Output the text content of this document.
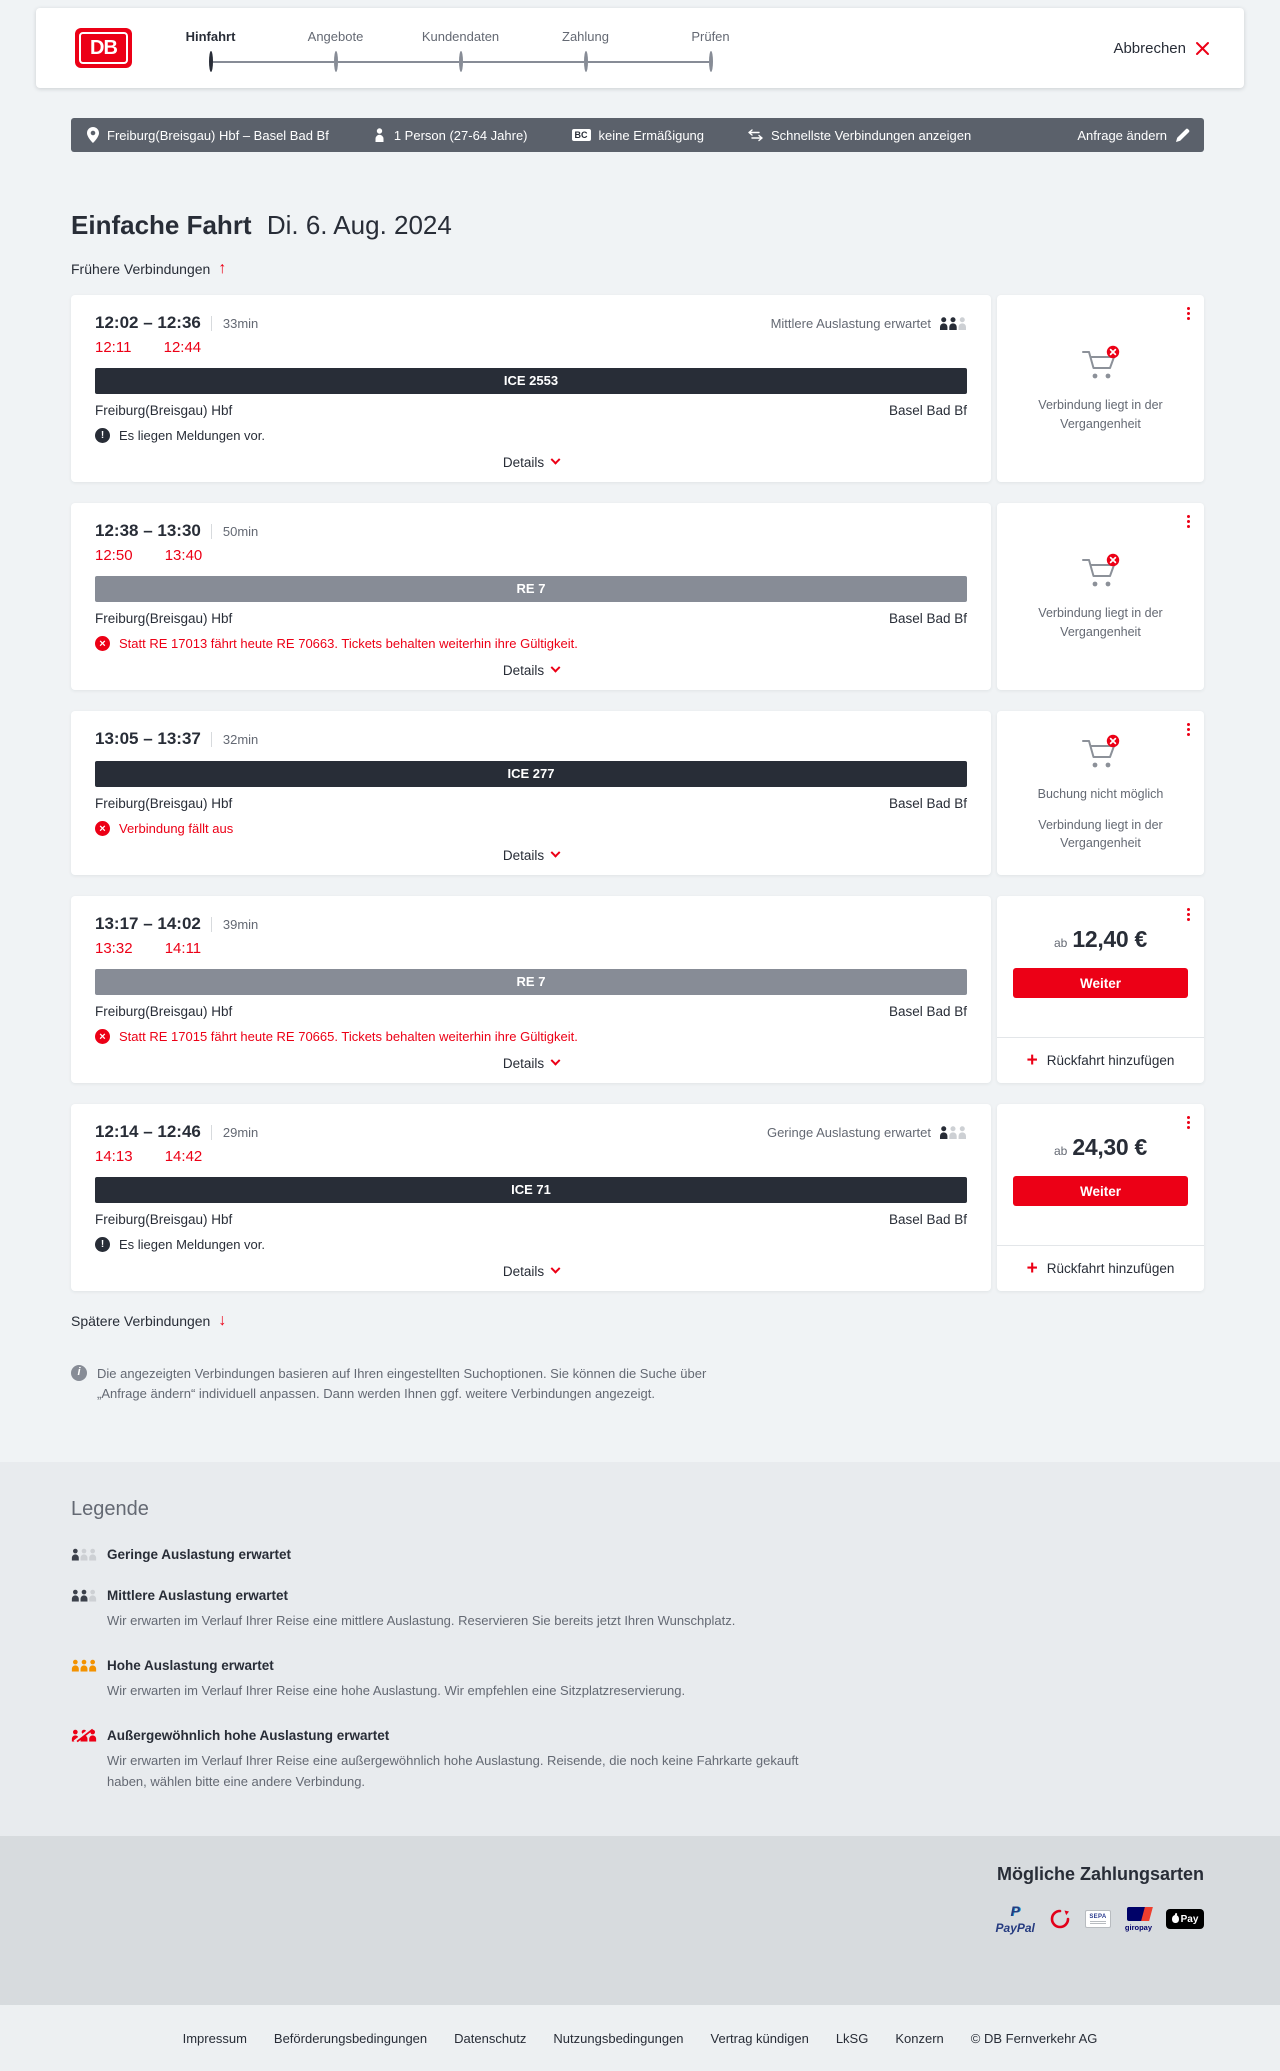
DB	Hinfahrt	Angebote	Kundendaten	Zahlung	Prüfen
Abbrechen
Freiburg(Breisgau) Hbf – Basel Bad Bf	1 Person (27-64 Jahre)	BC keine Ermäßigung	Schnellste Verbindungen anzeigen	Anfrage ändern
Einfache Fahrt Di. 6. Aug. 2024
Frühere Verbindungen ↑
12:02 – 12:36	33min	Mittlere Auslastung erwartet
12:11 12:44
ICE 2553
Freiburg(Breisgau) Hbf	Basel Bad Bf
!	Es liegen Meldungen vor.
Details

Verbindung liegt in der Vergangenheit

12:38 – 13:30	50min
12:50 13:40
RE 7
Freiburg(Breisgau) Hbf	Basel Bad Bf
×	Statt RE 17013 fährt heute RE 70663. Tickets behalten weiterhin ihre Gültigkeit.
Details

Verbindung liegt in der Vergangenheit

13:05 – 13:37	32min
ICE 277
Freiburg(Breisgau) Hbf	Basel Bad Bf
×	Verbindung fällt aus
Details

Buchung nicht möglich

Verbindung liegt in der Vergangenheit

13:17 – 14:02	39min
13:32 14:11
RE 7
Freiburg(Breisgau) Hbf	Basel Bad Bf
×	Statt RE 17015 fährt heute RE 70665. Tickets behalten weiterhin ihre Gültigkeit.
Details
ab 12,40 €
Weiter
+ Rückfahrt hinzufügen
12:14 – 12:46	29min	Geringe Auslastung erwartet
14:13 14:42
ICE 71
Freiburg(Breisgau) Hbf	Basel Bad Bf
!	Es liegen Meldungen vor.
Details
ab 24,30 €
Weiter
+ Rückfahrt hinzufügen
Spätere Verbindungen ↓
i	Die angezeigten Verbindungen basieren auf Ihren eingestellten Suchoptionen. Sie können die Suche über „Anfrage ändern“ individuell anpassen. Dann werden Ihnen ggf. weitere Verbindungen angezeigt.

Legende
Geringe Auslastung erwartet
Mittlere Auslastung erwartet

Wir erwarten im Verlauf Ihrer Reise eine mittlere Auslastung. Reservieren Sie bereits jetzt Ihren Wunschplatz.

Hohe Auslastung erwartet

Wir erwarten im Verlauf Ihrer Reise eine hohe Auslastung. Wir empfehlen eine Sitzplatzreservierung.

Außergewöhnlich hohe Auslastung erwartet

Wir erwarten im Verlauf Ihrer Reise eine außergewöhnlich hohe Auslastung. Reisende, die noch keine Fahrkarte gekauft haben, wählen bitte eine andere Verbindung.

Mögliche Zahlungsarten
P
PayPal
SEPA
giropay
Pay
Impressum Beförderungsbedingungen Datenschutz Nutzungsbedingungen Vertrag kündigen LkSG Konzern © DB Fernverkehr AG
